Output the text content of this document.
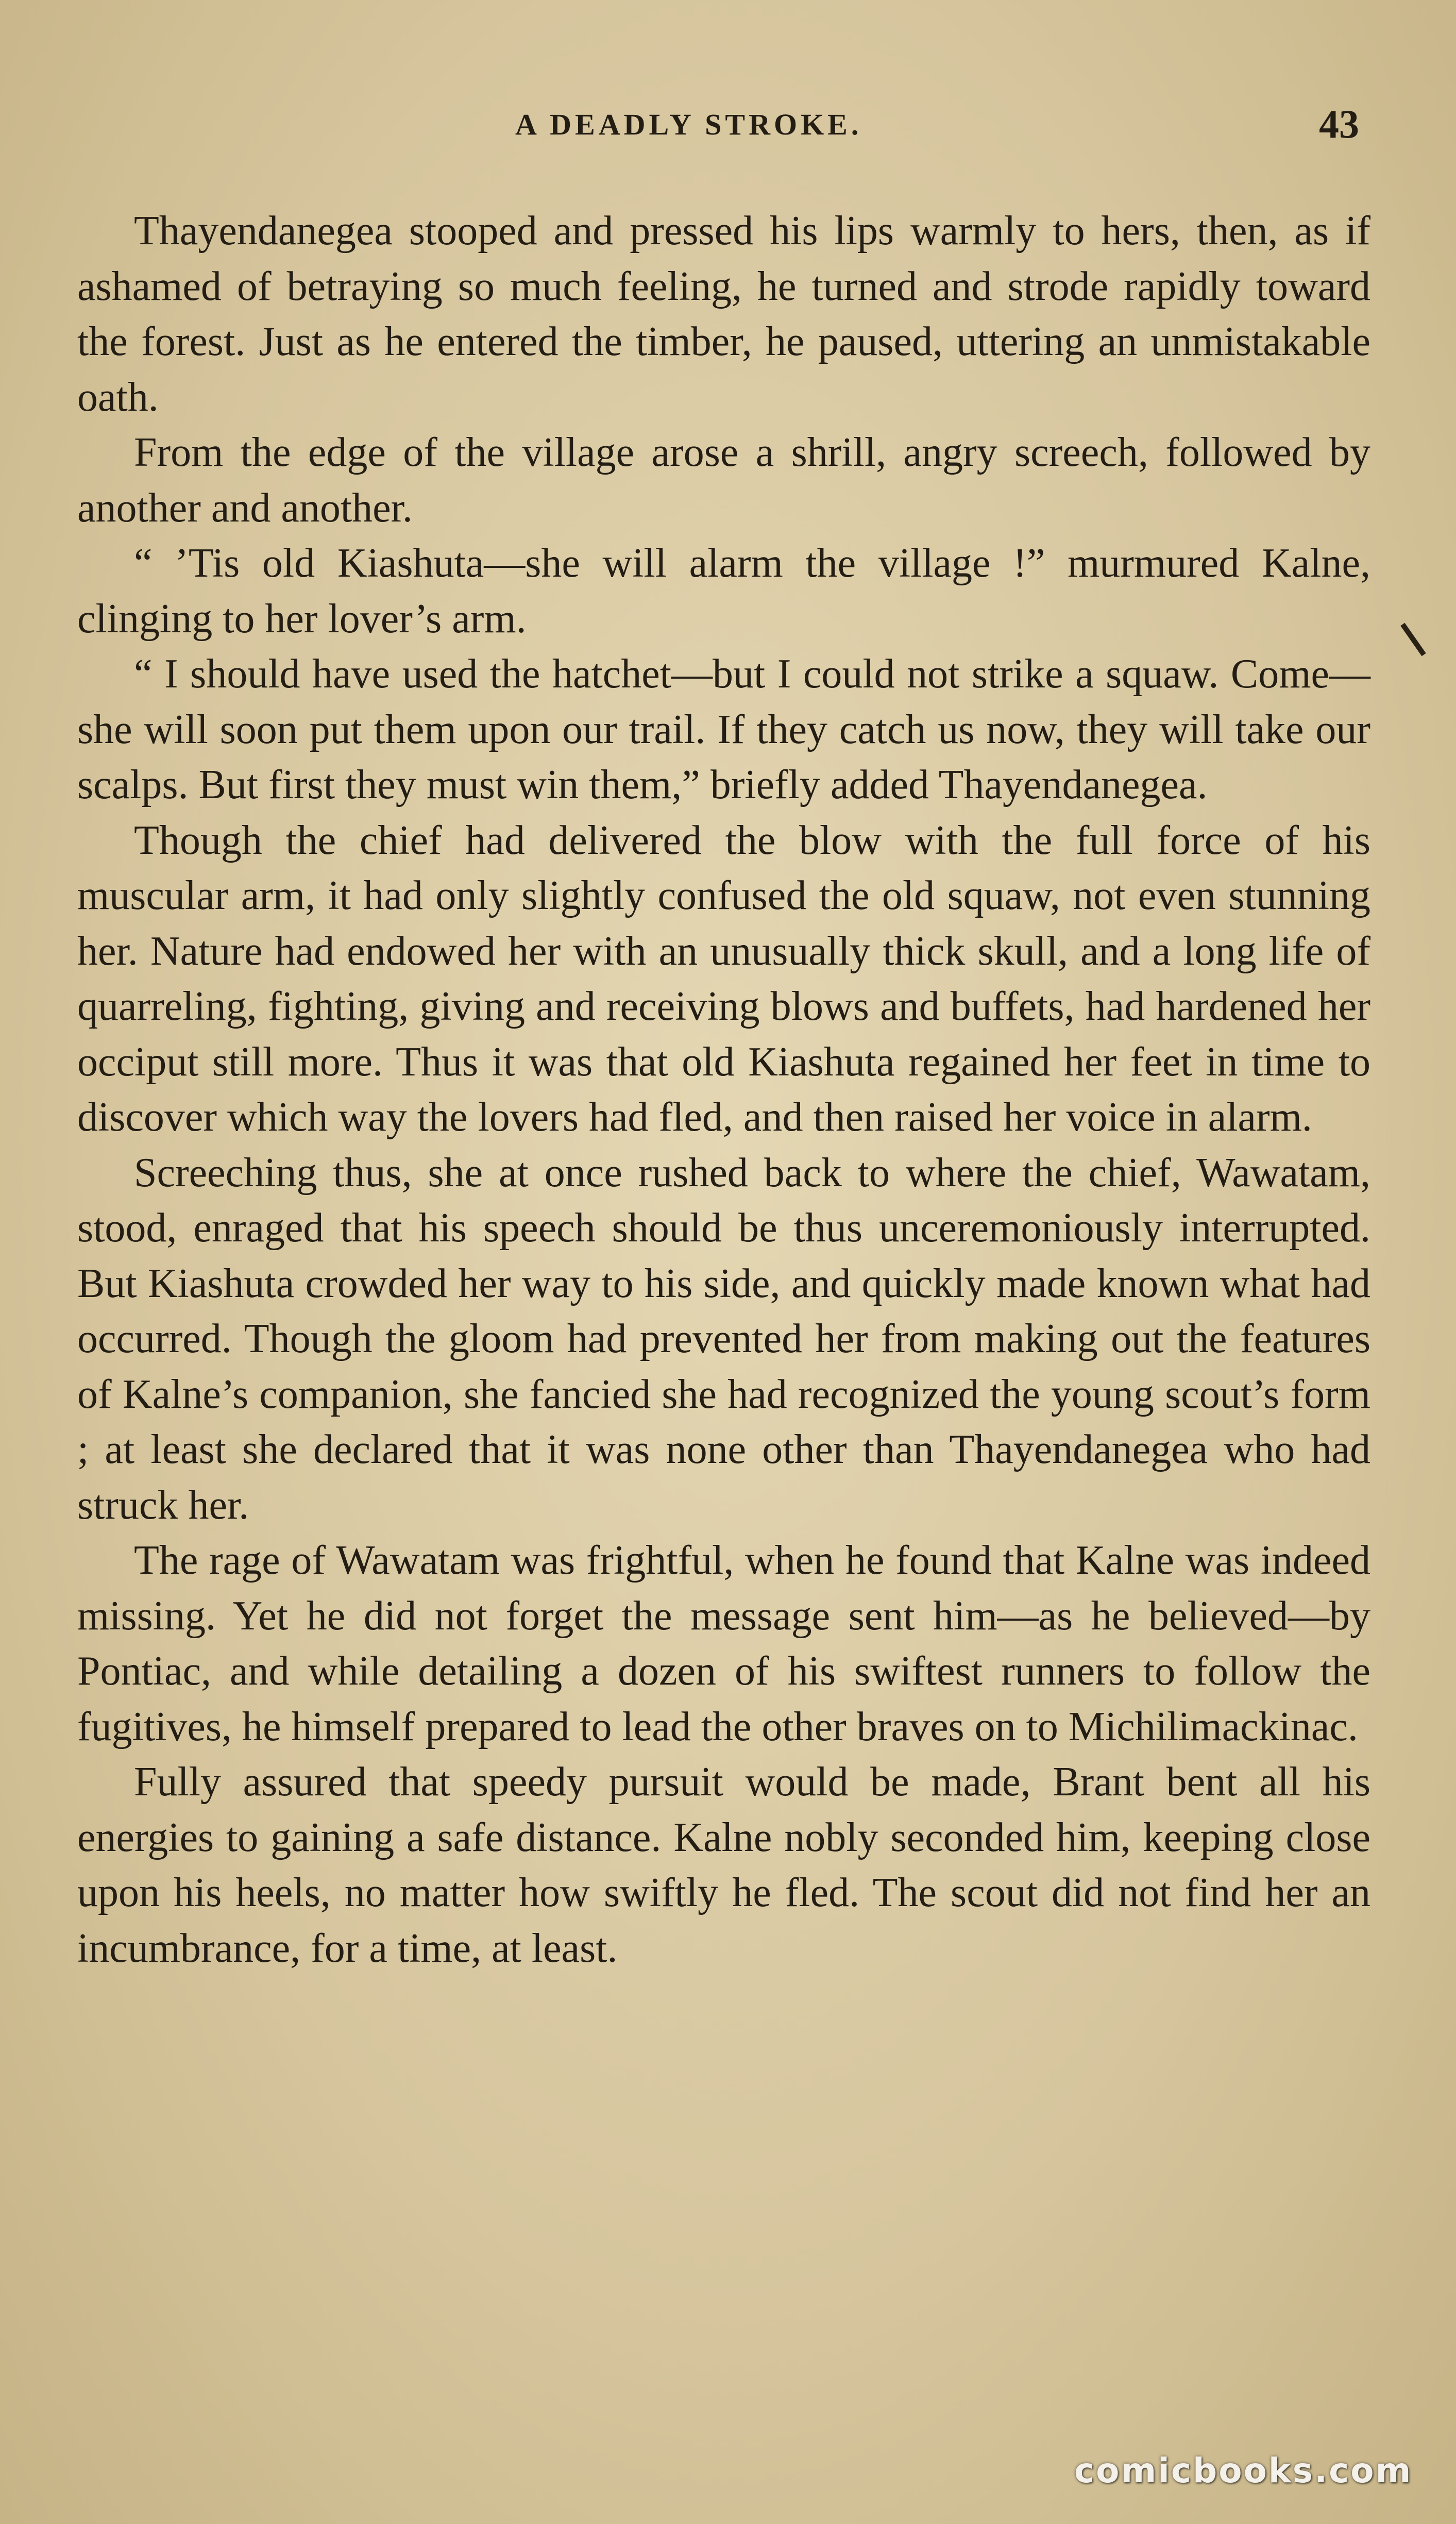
A DEADLY STROKE.	43

Thayendanegea stooped and pressed his lips warmly to hers, then, as if ashamed of betraying so much feeling, he turned and strode rapidly toward the forest. Just as he entered the timber, he paused, uttering an unmistakable oath.

From the edge of the village arose a shrill, angry screech, followed by another and another.

“ ’Tis old Kiashuta—she will alarm the village !” murmured Kalne, clinging to her lover’s arm.

“ I should have used the hatchet—but I could not strike a squaw. Come—she will soon put them upon our trail. If they catch us now, they will take our scalps. But first they must win them,” briefly added Thayendanegea.

Though the chief had delivered the blow with the full force of his muscular arm, it had only slightly confused the old squaw, not even stunning her. Nature had endowed her with an unusually thick skull, and a long life of quarreling, fighting, giving and receiving blows and buffets, had hardened her occiput still more. Thus it was that old Kiashuta regained her feet in time to discover which way the lovers had fled, and then raised her voice in alarm.

Screeching thus, she at once rushed back to where the chief, Wawatam, stood, enraged that his speech should be thus unceremoniously interrupted. But Kiashuta crowded her way to his side, and quickly made known what had occurred. Though the gloom had prevented her from making out the features of Kalne’s companion, she fancied she had recognized the young scout’s form ; at least she declared that it was none other than Thayendanegea who had struck her.

The rage of Wawatam was frightful, when he found that Kalne was indeed missing. Yet he did not forget the message sent him—as he believed—by Pontiac, and while detailing a dozen of his swiftest runners to follow the fugitives, he himself prepared to lead the other braves on to Michilimackinac.

Fully assured that speedy pursuit would be made, Brant bent all his energies to gaining a safe distance. Kalne nobly seconded him, keeping close upon his heels, no matter how swiftly he fled. The scout did not find her an incumbrance, for a time, at least.

comicbooks.com
